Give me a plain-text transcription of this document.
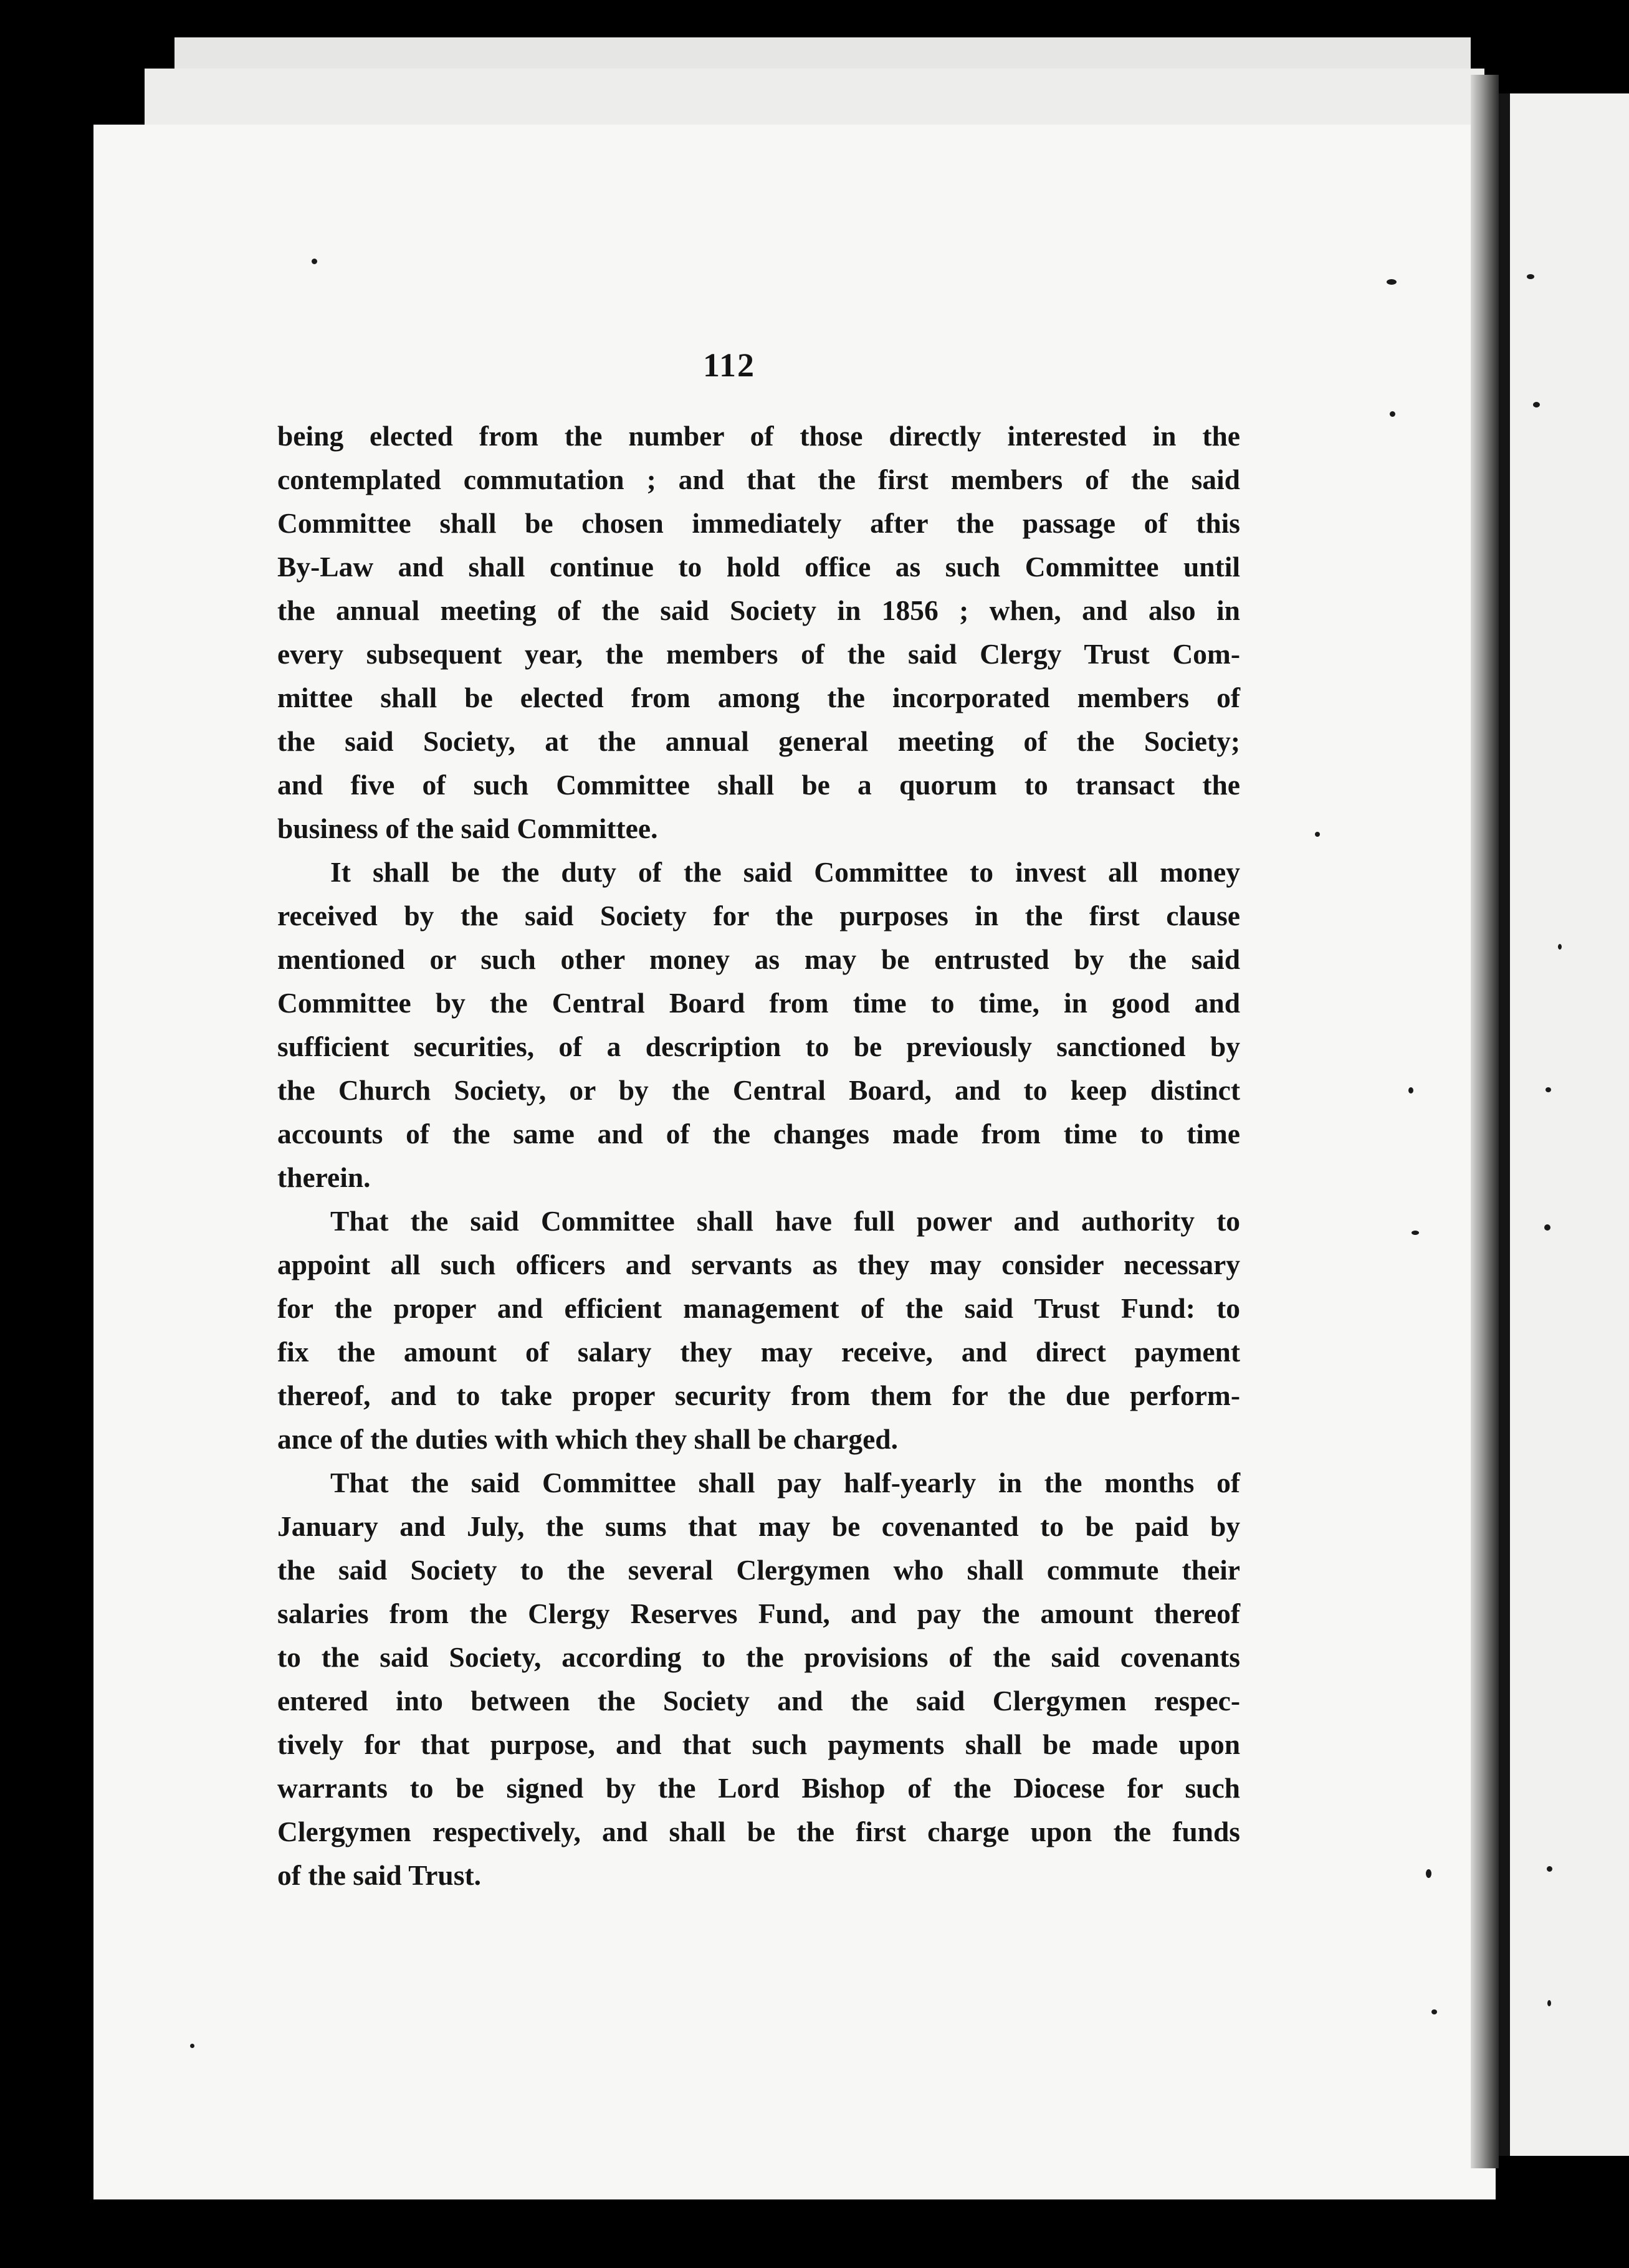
112
being elected from the number of those directly interested in the
contemplated commutation ; and that the first members of the said
Committee shall be chosen immediately after the passage of this
By-Law and shall continue to hold office as such Committee until
the annual meeting of the said Society in 1856 ; when, and also in
every subsequent year, the members of the said Clergy Trust Com-
mittee shall be elected from among the incorporated members of
the said Society, at the annual general meeting of the Society;
and five of such Committee shall be a quorum to transact the
business of the said Committee.
It shall be the duty of the said Committee to invest all money
received by the said Society for the purposes in the first clause
mentioned or such other money as may be entrusted by the said
Committee by the Central Board from time to time, in good and
sufficient securities, of a description to be previously sanctioned by
the Church Society, or by the Central Board, and to keep distinct
accounts of the same and of the changes made from time to time
therein.
That the said Committee shall have full power and authority to
appoint all such officers and servants as they may consider necessary
for the proper and efficient management of the said Trust Fund: to
fix the amount of salary they may receive, and direct payment
thereof, and to take proper security from them for the due perform-
ance of the duties with which they shall be charged.
That the said Committee shall pay half-yearly in the months of
January and July, the sums that may be covenanted to be paid by
the said Society to the several Clergymen who shall commute their
salaries from the Clergy Reserves Fund, and pay the amount thereof
to the said Society, according to the provisions of the said covenants
entered into between the Society and the said Clergymen respec-
tively for that purpose, and that such payments shall be made upon
warrants to be signed by the Lord Bishop of the Diocese for such
Clergymen respectively, and shall be the first charge upon the funds
of the said Trust.
